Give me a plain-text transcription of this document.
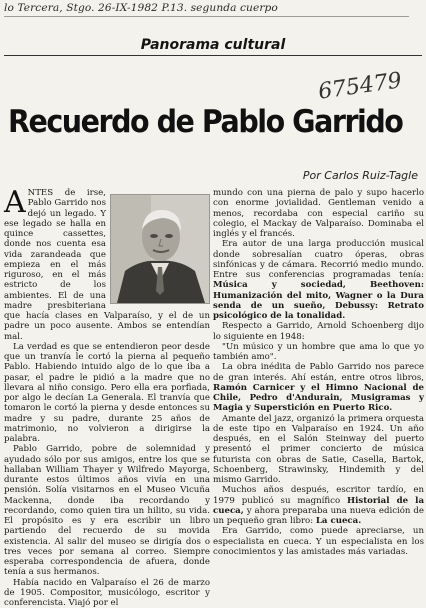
lo Tercera, Stgo. 26-IX-1982 P.13. segunda cuerpo
Panorama cultural
675479
Recuerdo de Pablo Garrido
Por Carlos Ruiz-Tagle

ANTES de irse, Pablo Garrido nos dejó un legado. Y ese legado se halla en quince cassettes, donde nos cuenta esa vida zarandeada que empieza en el más riguroso, en el más estricto de los ambientes. El de una madre presbiteriana que hacía clases en Valparaíso, y el de un padre un poco ausente. Ambos se entendían mal.

La verdad es que se entendieron peor desde que un tranvía le cortó la pierna al pequeño Pablo. Habiendo intuido algo de lo que iba a pasar, el padre le pidió a la madre que no llevara al niño consigo. Pero ella era porfiada, por algo le decían La Generala. El tranvía que tomaron le cortó la pierna y desde entonces su madre y su padre, durante 25 años de matrimonio, no volvieron a dirigirse la palabra.

Pablo Garrido, pobre de solemnidad y ayudado sólo por sus amigos, entre los que se hallaban William Thayer y Wilfredo Mayorga, durante estos últimos años vivía en una pensión. Solía visitarnos en el Museo Vicuña Mackenna, donde iba recordando y recordando, como quien tira un hilito, su vida. El propósito es y era escribir un libro partiendo del recuerdo de su movida existencia. Al salir del museo se dirigía dos o tres veces por semana al correo. Siempre esperaba correspondencia de afuera, donde tenía a sus hermanos.

Había nacido en Valparaíso el 26 de marzo de 1905. Compositor, musicólogo, escritor y conferencista. Viajó por el

mundo con una pierna de palo y supo hacerlo con enorme jovialidad. Gentleman venido a menos, recordaba con especial cariño su colegio, el Mackay de Valparaíso. Dominaba el inglés y el francés.

Era autor de una larga producción musical donde sobresalían cuatro óperas, obras sinfónicas y de cámara. Recorrió medio mundo. Entre sus conferencias programadas tenía: Música y sociedad, Beethoven: Humanización del mito, Wagner o la Dura senda de un sueño, Debussy: Retrato psicológico de la tonalidad.

Respecto a Garrido, Arnold Schoenberg dijo lo siguiente en 1948:

"Un músico y un hombre que ama lo que yo también amo".

La obra inédita de Pablo Garrido nos parece de gran interés. Ahí están, entre otros libros, Ramón Carnicer y el Himno Nacional de Chile, Pedro d'Andurain, Musigramas y Magia y Superstición en Puerto Rico.

Amante del jazz, organizó la primera orquesta de este tipo en Valparaíso en 1924. Un año después, en el Salón Steinway del puerto presentó el primer concierto de música futurista con obras de Satie, Casella, Bartok, Schoenberg, Strawinsky, Hindemith y del mismo Garrido.

Muchos años después, escritor tardío, en 1979 publicó su magnífico Historial de la cueca, y ahora preparaba una nueva edición de un pequeño gran libro: La cueca.

Era Garrido, como puede apreciarse, un especialista en cueca. Y un especialista en los conocimientos y las amistades más variadas.
